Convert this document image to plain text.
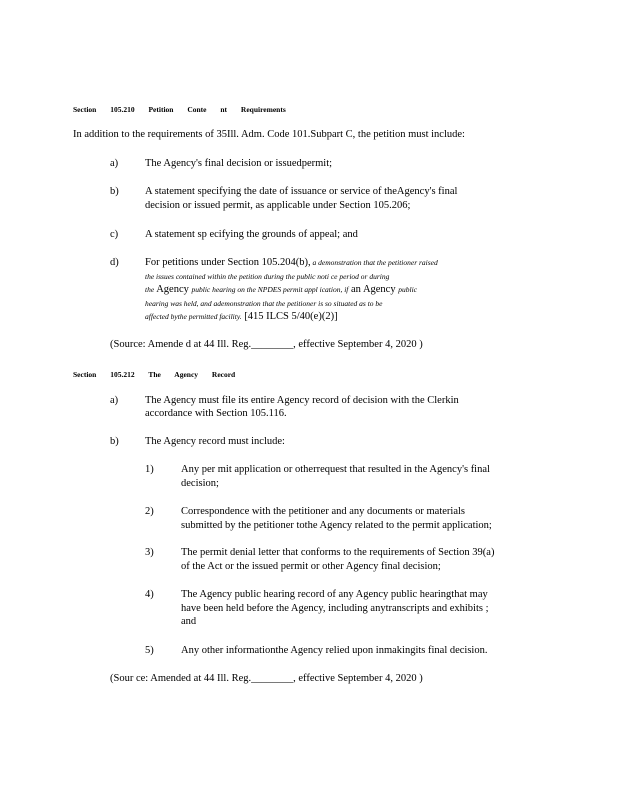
Section 105.210 Petition Conte nt Requirements
In addition to the requirements of 35Ill. Adm. Code 101.Subpart C, the petition must include:
a)	The Agency's final decision or issuedpermit;
b)	A statement specifying the date of issuance or service of theAgency's final
decision or issued permit, as applicable under Section 105.206;
c)	A statement sp ecifying the grounds of appeal; and
d)	For petitions under Section 105.204(b), a demonstration that the petitioner raised
the issues contained within the petition during the public noti ce period or during
the Agency public hearing on the NPDES permit appl ication, if an Agency public
hearing was held, and ademonstration that the petitioner is so situated as to be
affected bythe permitted facility. [415 ILCS 5/40(e)(2)]
(Source: Amende d at 44 Ill. Reg.________, effective September 4, 2020 )
Section 105.212 The Agency Record
a)	The Agency must file its entire Agency record of decision with the Clerkin
accordance with Section 105.116.
b)	The Agency record must include:
1)	Any per mit application or otherrequest that resulted in the Agency's final
decision;
2)	Correspondence with the petitioner and any documents or materials
submitted by the petitioner tothe Agency related to the permit application;
3)	The permit denial letter that conforms to the requirements of Section 39(a)
of the Act or the issued permit or other Agency final decision;
4)	The Agency public hearing record of any Agency public hearingthat may
have been held before the Agency, including anytranscripts and exhibits ;
and
5)	Any other informationthe Agency relied upon inmakingits final decision.
(Sour ce: Amended at 44 Ill. Reg.________, effective September 4, 2020 )
